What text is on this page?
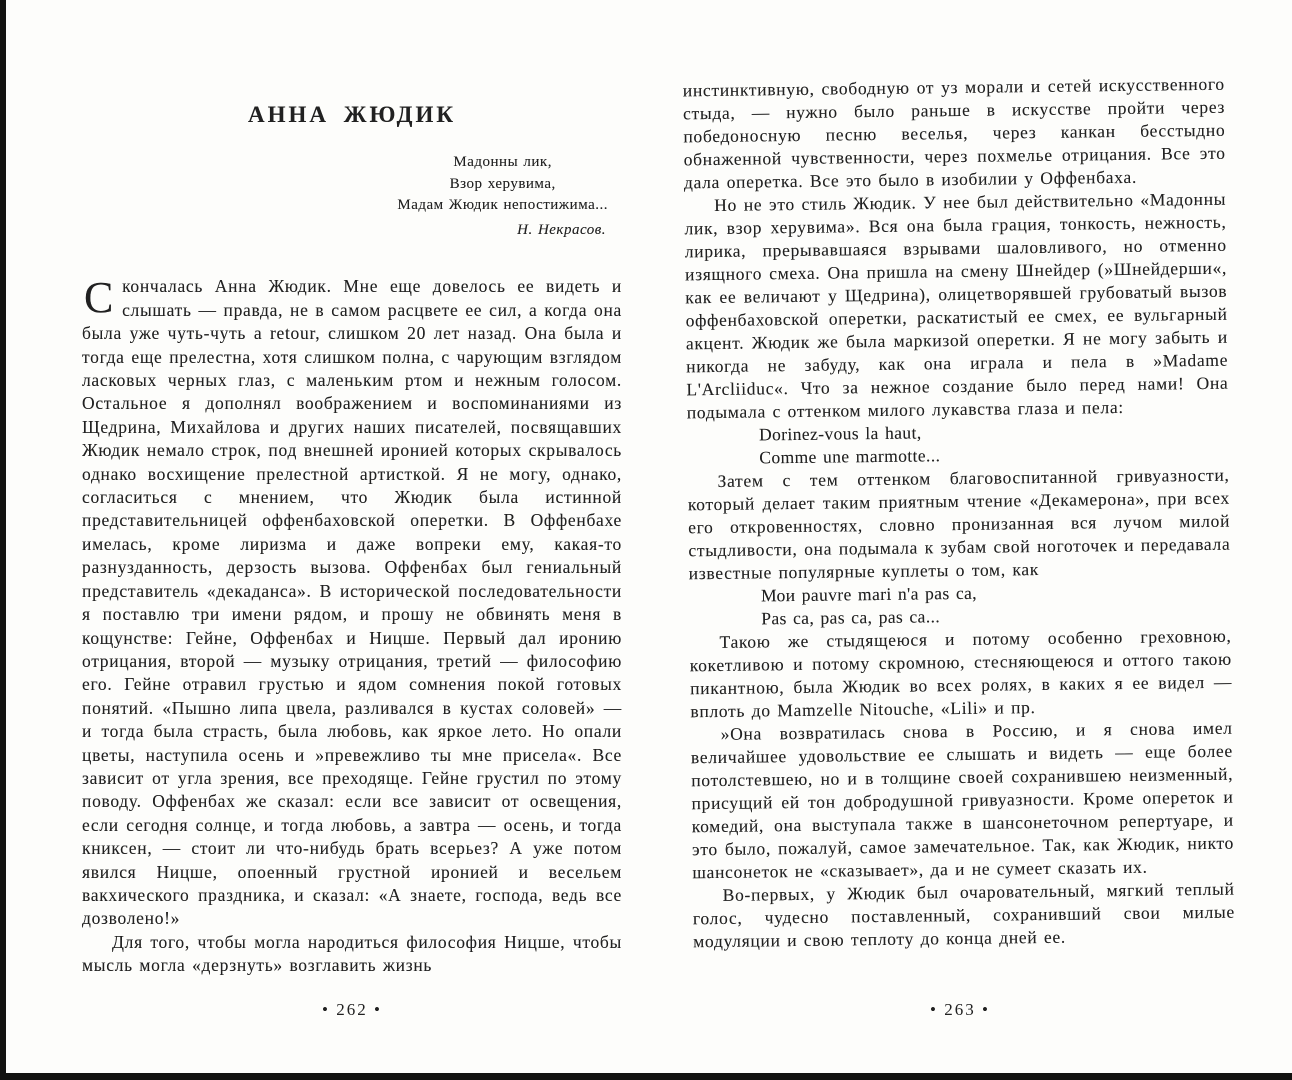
АННА ЖЮДИК
Мадонны лик,
Взор херувима,
Мадам Жюдик непостижима...
Н. Некрасов.

Скончалась Анна Жюдик. Мне еще довелось ее видеть и слышать — правда, не в самом расцвете ее сил, а когда она была уже чуть-чуть a retour, слишком 20 лет назад. Она была и тогда еще прелестна, хотя слишком полна, с чарующим взглядом ласковых черных глаз, с маленьким ртом и нежным голосом. Остальное я дополнял воображением и воспоминаниями из Щедрина, Михайлова и других наших писателей, посвящавших Жюдик немало строк, под внешней иронией которых скрывалось однако восхищение прелестной артисткой. Я не могу, однако, согласиться с мнением, что Жюдик была истинной представительницей оффенбаховской оперетки. В Оффенбахе имелась, кроме лиризма и даже вопреки ему, какая-то разнузданность, дерзость вызова. Оффенбах был гениальный представитель «декаданса». В исторической последовательности я поставлю три имени рядом, и прошу не обвинять меня в кощунстве: Гейне, Оффенбах и Ницше. Первый дал иронию отрицания, второй — музыку отрицания, третий — философию его. Гейне отравил грустью и ядом сомнения покой готовых понятий. «Пышно липа цвела, разливался в кустах соловей» — и тогда была страсть, была любовь, как яркое лето. Но опали цветы, наступила осень и »превежливо ты мне присела«. Все зависит от угла зрения, все преходяще. Гейне грустил по этому поводу. Оффенбах же сказал: если все зависит от освещения, если сегодня солнце, и тогда любовь, а завтра — осень, и тогда книксен, — стоит ли что-нибудь брать всерьез? А уже потом явился Ницше, опоенный грустной иронией и весельем вакхического праздника, и сказал: «А знаете, господа, ведь все дозволено!»

Для того, чтобы могла народиться философия Ницше, чтобы мысль могла «дерзнуть» возглавить жизнь

• 262 •

инстинктивную, свободную от уз морали и сетей искусственного стыда, — нужно было раньше в искусстве пройти через победоносную песню веселья, через канкан бесстыдно обнаженной чувственности, через похмелье отрицания. Все это дала оперетка. Все это было в изобилии у Оффенбаха.

Но не это стиль Жюдик. У нее был действительно «Мадонны лик, взор херувима». Вся она была грация, тонкость, нежность, лирика, прерывавшаяся взрывами шаловливого, но отменно изящного смеха. Она пришла на смену Шнейдер (»Шнейдерши«, как ее величают у Щедрина), олицетворявшей грубоватый вызов оффенбаховской оперетки, раскатистый ее смех, ее вульгарный акцент. Жюдик же была маркизой оперетки. Я не могу забыть и никогда не забуду, как она играла и пела в »Madame L'Arcliiduc«. Что за нежное создание было перед нами! Она подымала с оттенком милого лукавства глаза и пела:

Dorinez-vous la haut,
Comme une marmotte...

Затем с тем оттенком благовоспитанной гривуазности, который делает таким приятным чтение «Декамерона», при всех его откровенностях, словно пронизанная вся лучом милой стыдливости, она подымала к зубам свой ноготочек и передавала известные популярные куплеты о том, как

Мои pauvre mari n'a pas ca,
Pas ca, pas ca, pas ca...

Такою же стыдящеюся и потому особенно греховною, кокетливою и потому скромною, стесняющеюся и оттого такою пикантною, была Жюдик во всех ролях, в каких я ее видел — вплоть до Mamzelle Nitouche, «Lili» и пр.

»Она возвратилась снова в Россию, и я снова имел величайшее удовольствие ее слышать и видеть — еще более потолстевшею, но и в толщине своей сохранившею неизменный, присущий ей тон добродушной гривуазности. Кроме опереток и комедий, она выступала также в шансонеточном репертуаре, и это было, пожалуй, самое замечательное. Так, как Жюдик, никто шансонеток не «сказывает», да и не сумеет сказать их.

Во-первых, у Жюдик был очаровательный, мягкий теплый голос, чудесно поставленный, сохранивший свои милые модуляции и свою теплоту до конца дней ее.

• 263 •
